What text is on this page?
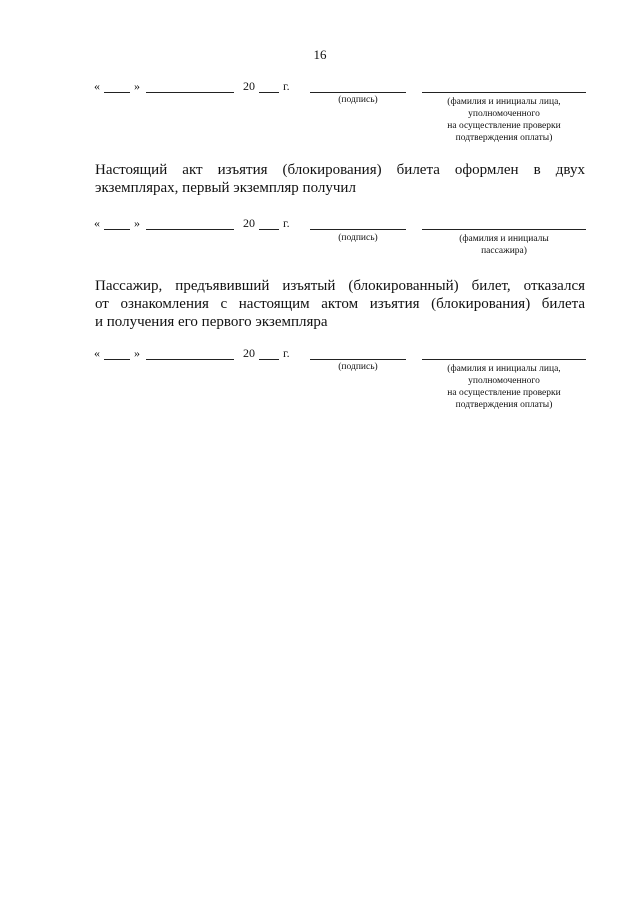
16
«	»	20 г.
(подпись)	(фамилия и инициалы лица,
уполномоченного
на осуществление проверки
подтверждения оплаты)
Настоящий акт изъятия (блокирования) билета оформлен в двух
экземплярах, первый экземпляр получил
«	»	20 г.
(подпись)	(фамилия и инициалы
пассажира)
Пассажир, предъявивший изъятый (блокированный) билет, отказался
от ознакомления с настоящим актом изъятия (блокирования) билета
и получения его первого экземпляра
«	»	20 г.
(подпись)	(фамилия и инициалы лица,
уполномоченного
на осуществление проверки
подтверждения оплаты)
